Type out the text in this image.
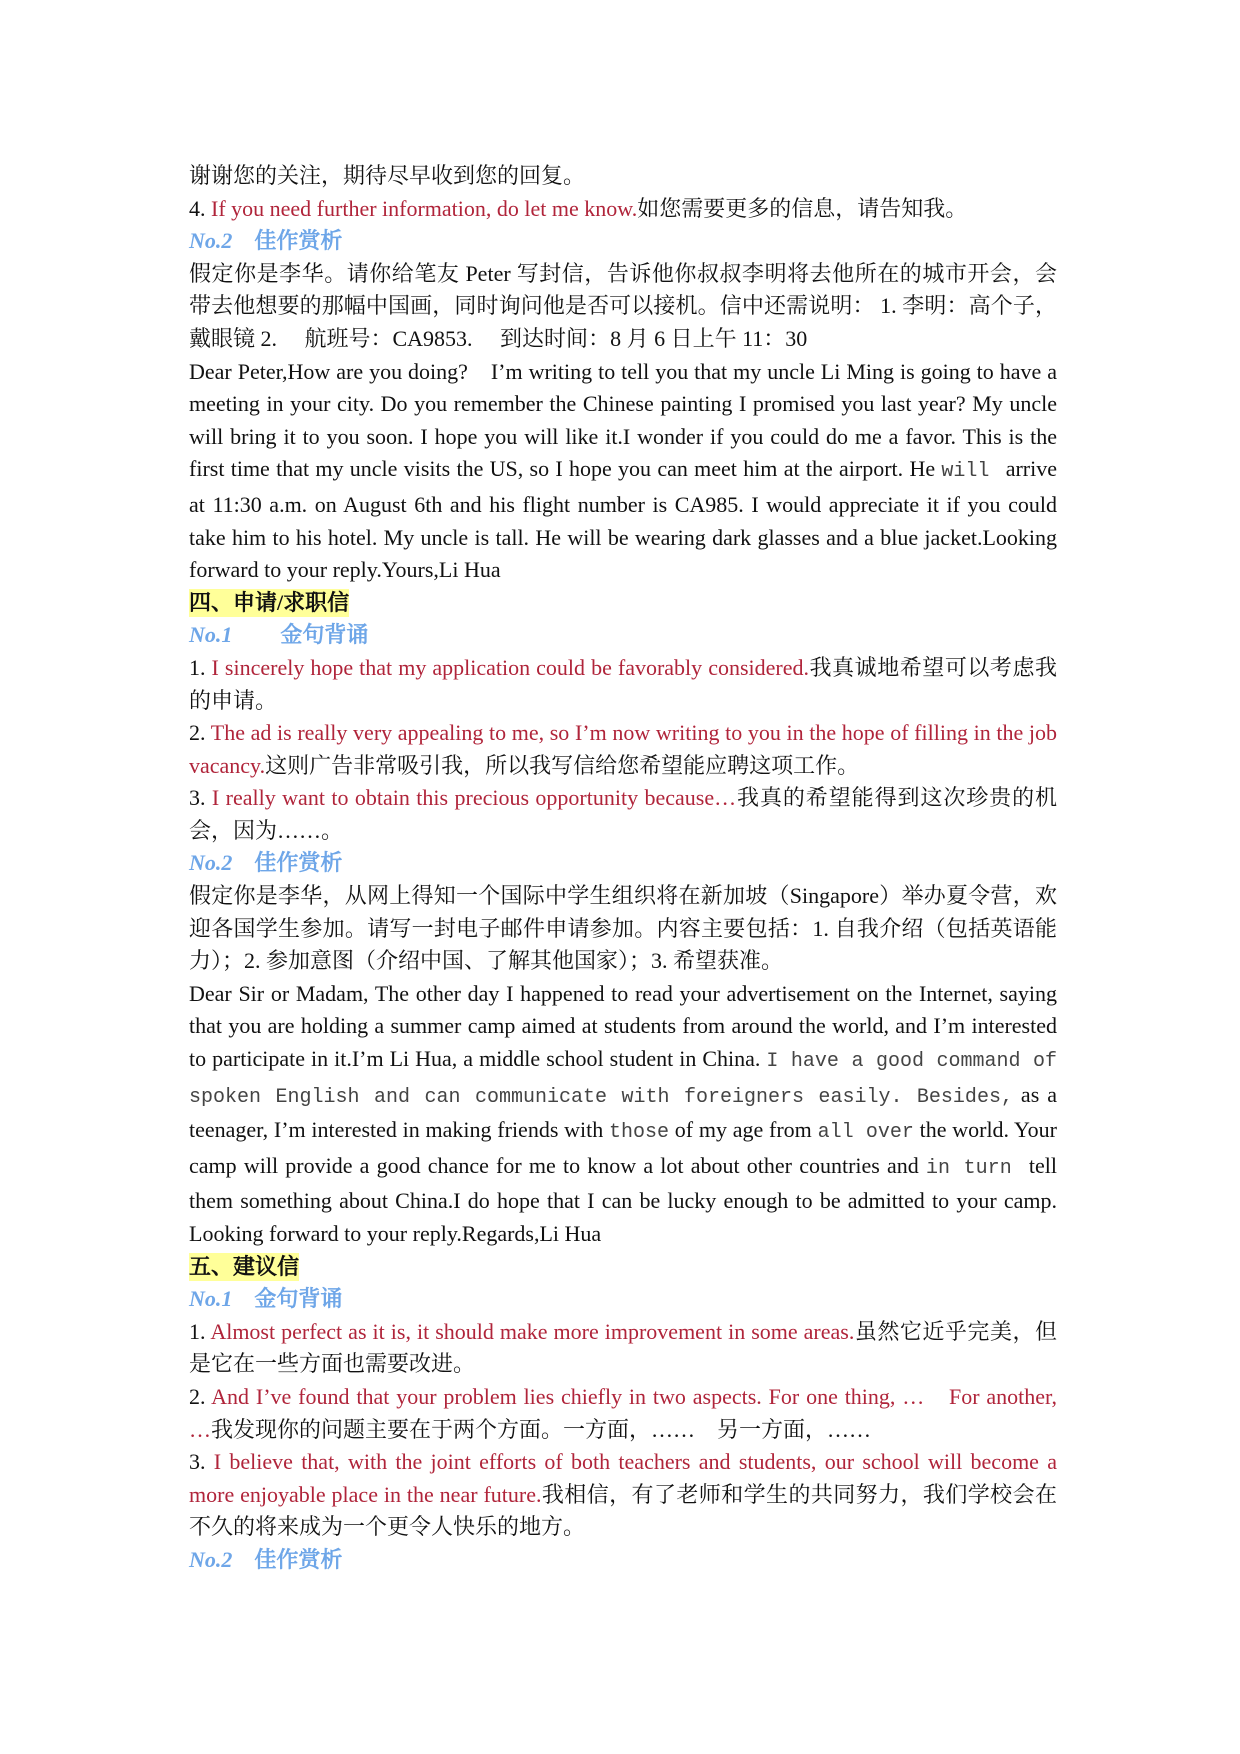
谢谢您的关注，期待尽早收到您的回复。

4. If you need further information, do let me know.如您需要更多的信息，请告知我。

No.2 佳作赏析

假定你是李华。请你给笔友 Peter 写封信，告诉他你叔叔李明将去他所在的城市开会，会带去他想要的那幅中国画，同时询问他是否可以接机。信中还需说明： 1. 李明：高个子，戴眼镜 2.　 航班号：CA9853.　 到达时间：8 月 6 日上午 11：30

Dear Peter,How are you doing?　I’m writing to tell you that my uncle Li Ming is going to have a meeting in your city. Do you remember the Chinese painting I promised you last year? My uncle will bring it to you soon. I hope you will like it.I wonder if you could do me a favor. This is the first time that my uncle visits the US, so I hope you can meet him at the airport. He will arrive at 11:30 a.m. on August 6th and his flight number is CA985. I would appreciate it if you could take him to his hotel. My uncle is tall. He will be wearing dark glasses and a blue jacket.Looking forward to your reply.Yours,Li Hua

四、申请/求职信

No.1 金句背诵

1. I sincerely hope that my application could be favorably considered.我真诚地希望可以考虑我的申请。

2. The ad is really very appealing to me, so I’m now writing to you in the hope of filling in the job vacancy.这则广告非常吸引我，所以我写信给您希望能应聘这项工作。

3. I really want to obtain this precious opportunity because…我真的希望能得到这次珍贵的机会，因为……。

No.2 佳作赏析

假定你是李华，从网上得知一个国际中学生组织将在新加坡（Singapore）举办夏令营，欢迎各国学生参加。请写一封电子邮件申请参加。内容主要包括：1. 自我介绍（包括英语能力）；2. 参加意图（介绍中国、了解其他国家）；3. 希望获准。

Dear Sir or Madam, The other day I happened to read your advertisement on the Internet, saying that you are holding a summer camp aimed at students from around the world, and I’m interested to participate in it.I’m Li Hua, a middle school student in China. I have a good command of spoken English and can communicate with foreigners easily. Besides, as a teenager, I’m interested in making friends with those of my age from all over the world. Your camp will provide a good chance for me to know a lot about other countries and in turn tell them something about China.I do hope that I can be lucky enough to be admitted to your camp. Looking forward to your reply.Regards,Li Hua

五、建议信

No.1 金句背诵

1. Almost perfect as it is, it should make more improvement in some areas.虽然它近乎完美，但是它在一些方面也需要改进。

2. And I’ve found that your problem lies chiefly in two aspects. For one thing, …　For another, …我发现你的问题主要在于两个方面。一方面，……　另一方面，……

3. I believe that, with the joint efforts of both teachers and students, our school will become a more enjoyable place in the near future.我相信，有了老师和学生的共同努力，我们学校会在不久的将来成为一个更令人快乐的地方。

No.2 佳作赏析
